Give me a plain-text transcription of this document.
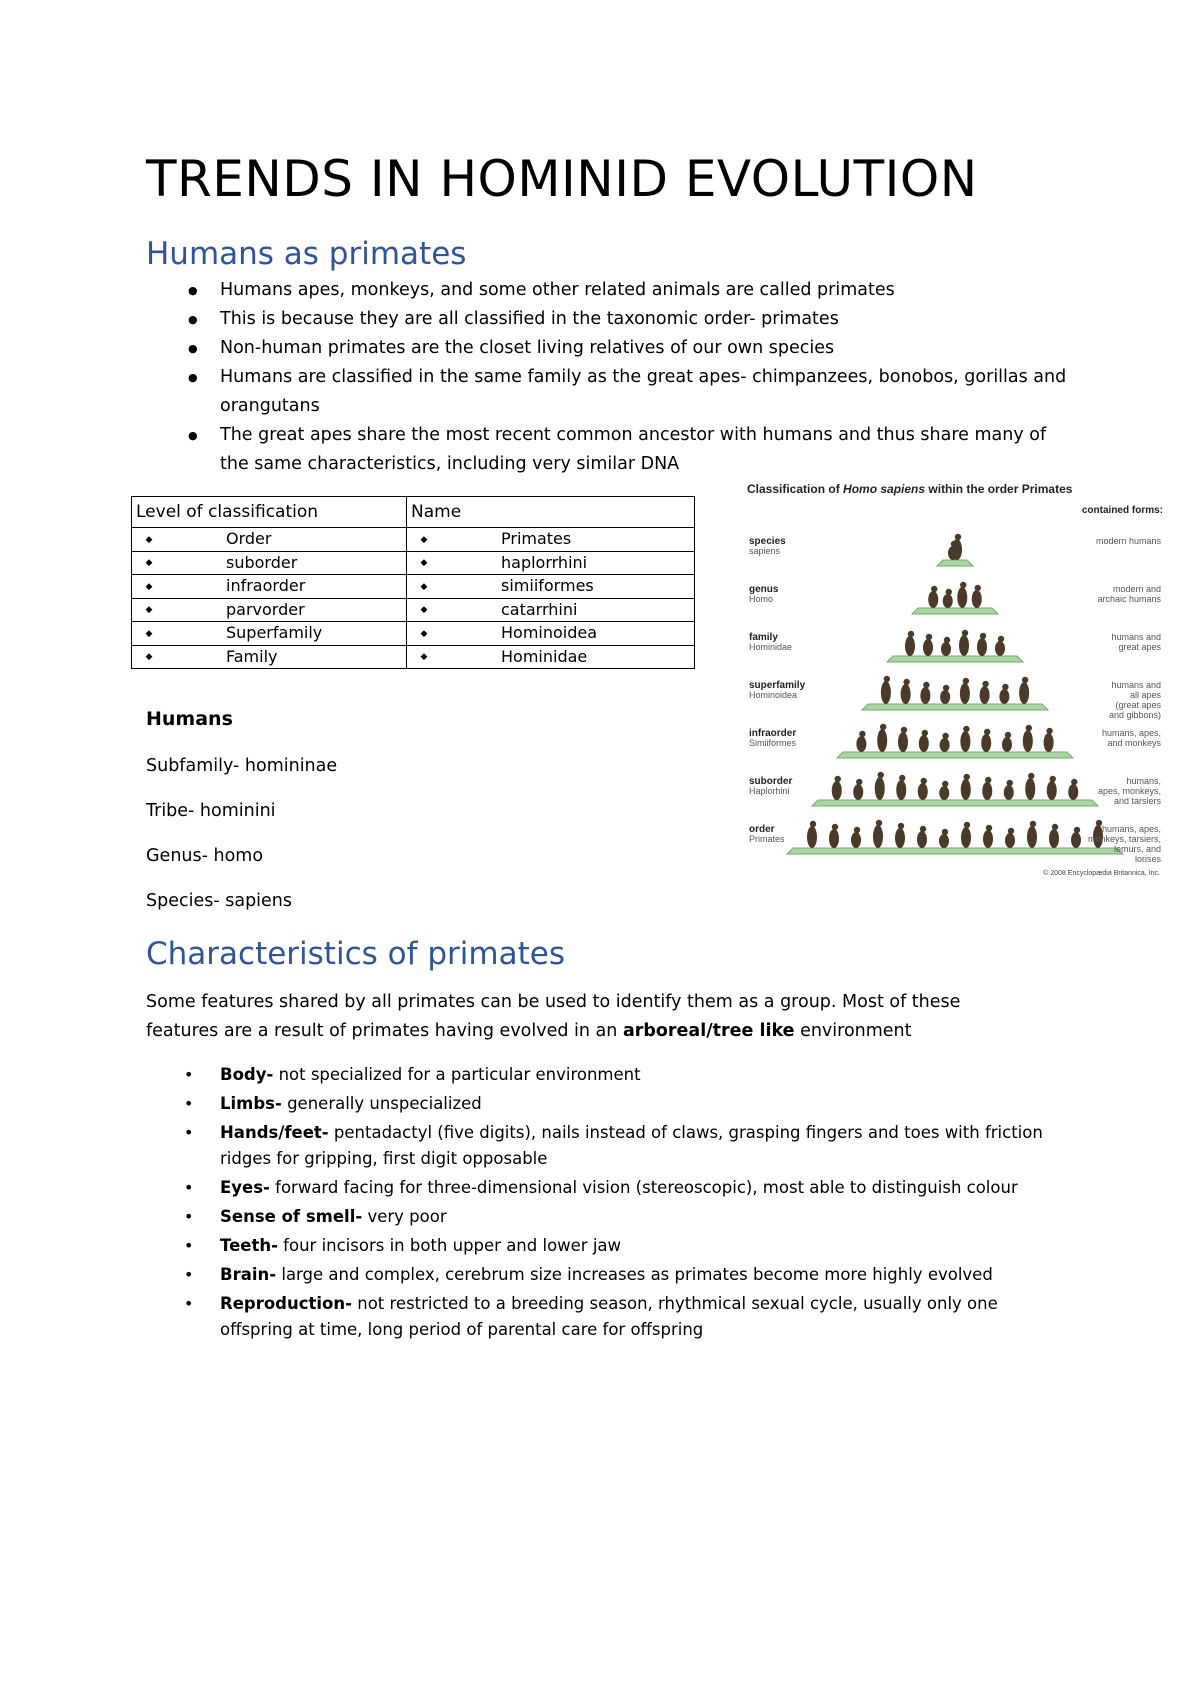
TRENDS IN HOMINID EVOLUTION
Humans as primates
● Humans apes, monkeys, and some other related animals are called primates
● This is because they are all classified in the taxonomic order- primates
● Non-human primates are the closet living relatives of our own species
● Humans are classified in the same family as the great apes- chimpanzees, bonobos, gorillas and orangutans
● The great apes share the most recent common ancestor with humans and thus share many of the same characteristics, including very similar DNA
Level of classification	Name
◆ Order	◆ Primates
◆ suborder	◆ haplorrhini
◆ infraorder	◆ simiiformes
◆ parvorder	◆ catarrhini
◆ Superfamily	◆ Hominoidea
◆ Family	◆ Hominidae
Humans

Subfamily- homininae

Tribe- hominini

Genus- homo

Species- sapiens

Classification of Homo sapiens within the order Primates
contained forms:
species
sapiens
modern humans
genus
Homo
modern and
archaic humans
family
Hominidae
humans and
great apes
superfamily
Hominoidea
humans and
all apes
(great apes
and gibbons)
infraorder
Simiiformes
humans, apes,
and monkeys
suborder
Haplorhini
humans,
apes, monkeys,
and tarsiers
order
Primates
humans, apes,
monkeys, tarsiers,
lemurs, and
lorises
© 2008 Encyclopædia Britannica, Inc.
Characteristics of primates

Some features shared by all primates can be used to identify them as a group. Most of these features are a result of primates having evolved in an arboreal/tree like environment

• Body- not specialized for a particular environment
• Limbs- generally unspecialized
• Hands/feet- pentadactyl (five digits), nails instead of claws, grasping fingers and toes with friction ridges for gripping, first digit opposable
• Eyes- forward facing for three-dimensional vision (stereoscopic), most able to distinguish colour
• Sense of smell- very poor
• Teeth- four incisors in both upper and lower jaw
• Brain- large and complex, cerebrum size increases as primates become more highly evolved
• Reproduction- not restricted to a breeding season, rhythmical sexual cycle, usually only one offspring at time, long period of parental care for offspring
